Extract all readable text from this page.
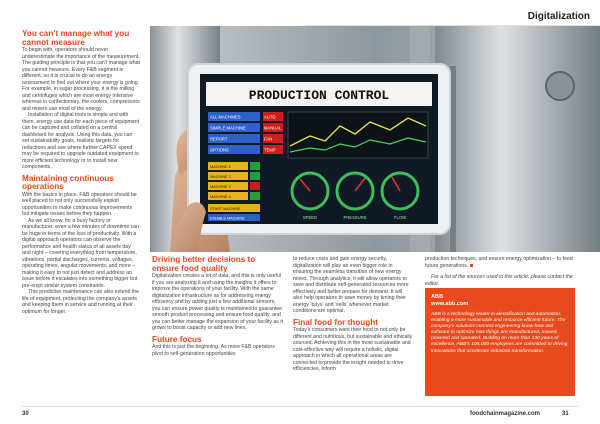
Digitalization
You can’t manage what you cannot measure

To begin with, operators should never underestimate the importance of the measurement. The guiding principle is that you can’t manage what you cannot measure. Every F&B segment is different, so it is crucial to do an energy assessment to find out where your energy is going. For example, in sugar processing, it is the milling and centrifuges which are most energy intensive whereas in confectionary, the coolers, compressors and mixers use most of the energy.

Installation of digital tools is simple and with them, energy use data for each piece of equipment can be captured and collated on a central dashboard for analysis. Using this data, you can set sustainability goals, realistic targets for reductions and see where further CAPEX spend may be required to upgrade outdated equipment to more efficient technology or to install new components.

Maintaining continuous operations

With the basics in place, F&B operators should be well placed to not only successfully exploit opportunities to make continuous improvements but mitigate issues before they happen.

As we all know, for a busy factory or manufacturer, even a few minutes of downtime can be huge in terms of the loss of productivity. With a digital approach operators can observe the performance and health status of all assets day and night – covering everything from temperature, vibrations, partial discharges, currents, voltages, operating times, angular movements, and more – making it easy to not just detect and address an issue before it escalates into something bigger but pre-empt similar system constraints.

This predictive maintenance can also extend the life of equipment, protecting the company’s assets and keeping them in service and running at their optimum for longer.

PRODUCTION CONTROL
ALL MACHINES
SIMPLE MACHINE
REPORT
OPTIONS
AUTO
MANUAL
FAN
TEMP
MACHINE 1
MACHINE 2
MACHINE 3
MACHINE 4
START MACHINE
DISABLE MACHINE	SPEED	PRESSURE	FLOW
Driving better decisions to ensure food quality

Digitalization creates a lot of data, and this is only useful if you are analyzing it and using the insights it offers to improve the operations of your facility. With the same digitalization infrastructure as for addressing energy efficiency and by adding just a few additional sensors, you can ensure power quality is maintained to guarantee smooth product processing and ensure food quality, and you can better manage the expansion of your facility as it grows to boost capacity or add new lines.

Future focus

And this is just the beginning. As more F&B operators pivot to self-generation opportunities

to reduce costs and gain energy security, digitalization will play an even bigger role in ensuring the seamless transition of new energy mixes. Through analytics, it will allow operators to save and distribute self-generated resources more effectively and better prepare for demand. It will also help operators to save money by timing their energy ‘buys’ and ‘sells’ whenever market conditions are optimal.

Final food for thought

Today’s consumers want their food to not only be different and nutritious, but sustainable and ethically sourced. Achieving this in the most sustainable and cost-effective way will require a holistic, digital approach in which all operational areas are connected to provide the insight needed to drive efficiencies, inform

production techniques, and ensure energy optimization – to feed future generations.

For a list of the sources used in this article, please contact the editor.

ABB
www.abb.com
ABB is a technology leader in electrification and automation, enabling a more sustainable and resource-efficient future. The company’s solutions connect engineering know-how and software to optimize how things are manufactured, moved, powered and operated. Building on more than 130 years of excellence, ABB’s 105,000 employees are committed to driving innovations that accelerate industrial transformation.
30	foodchainmagazine.com	31
